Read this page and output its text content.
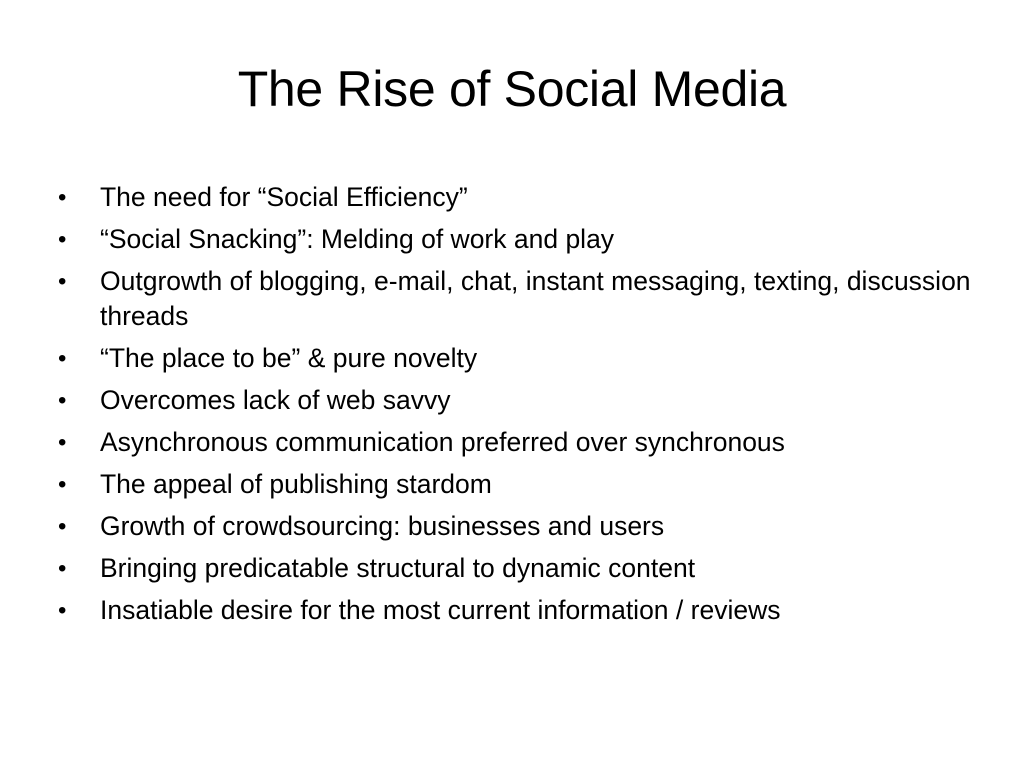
The Rise of Social Media
• The need for “Social Efficiency”
• “Social Snacking”: Melding of work and play
• Outgrowth of blogging, e-mail, chat, instant messaging, texting, discussion threads
• “The place to be” & pure novelty
• Overcomes lack of web savvy
• Asynchronous communication preferred over synchronous
• The appeal of publishing stardom
• Growth of crowdsourcing: businesses and users
• Bringing predicatable structural to dynamic content
• Insatiable desire for the most current information / reviews
